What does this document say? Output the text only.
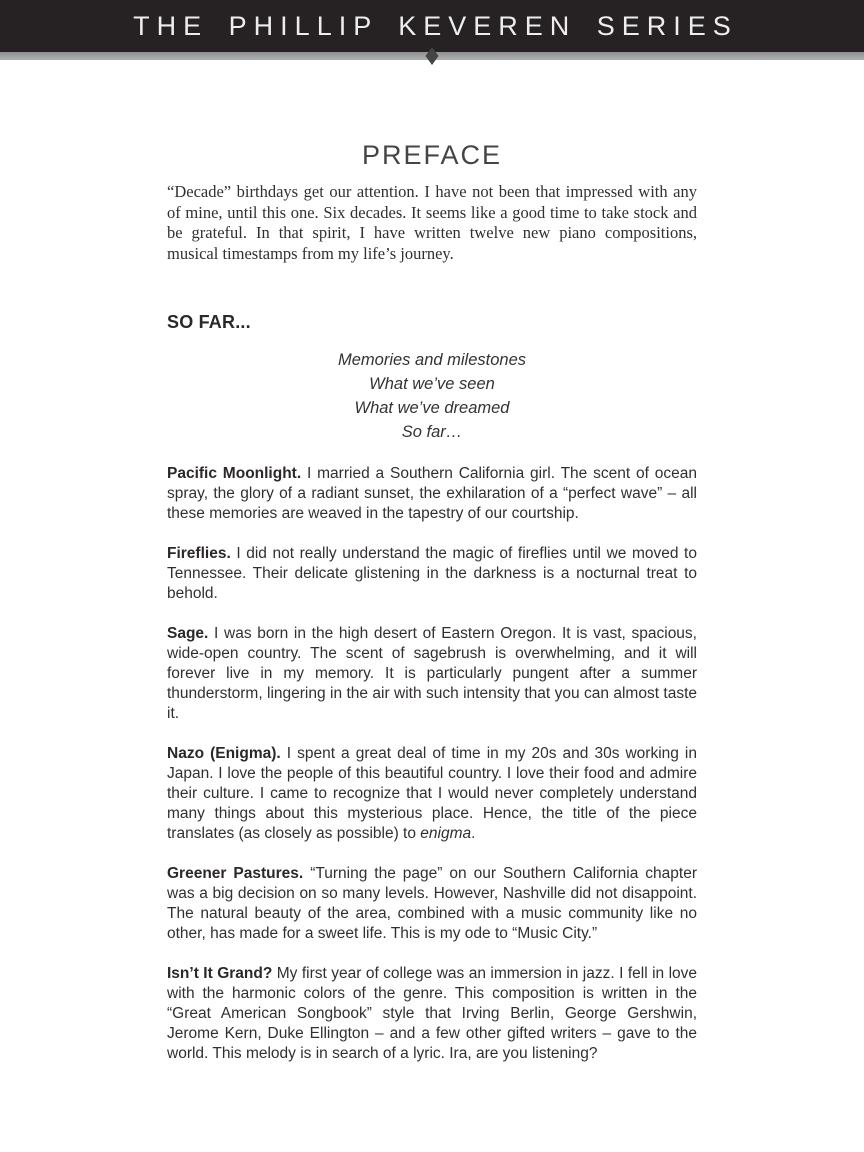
THE PHILLIP KEVEREN SERIES
PREFACE

“Decade” birthdays get our attention. I have not been that impressed with any of mine, until this one. Six decades. It seems like a good time to take stock and be grateful. In that spirit, I have written twelve new piano compositions, musical timestamps from my life’s journey.

SO FAR...
Memories and milestones
What we’ve seen
What we’ve dreamed
So far…

Pacific Moonlight. I married a Southern California girl. The scent of ocean spray, the glory of a radiant sunset, the exhilaration of a “perfect wave” – all these memories are weaved in the tapestry of our courtship.

Fireflies. I did not really understand the magic of fireflies until we moved to Tennessee. Their delicate glistening in the darkness is a nocturnal treat to behold.

Sage. I was born in the high desert of Eastern Oregon. It is vast, spacious, wide-open country. The scent of sagebrush is overwhelming, and it will forever live in my memory. It is particularly pungent after a summer thunderstorm, lingering in the air with such intensity that you can almost taste it.

Nazo (Enigma). I spent a great deal of time in my 20s and 30s working in Japan. I love the people of this beautiful country. I love their food and admire their culture. I came to recognize that I would never completely understand many things about this mysterious place. Hence, the title of the piece translates (as closely as possible) to enigma.

Greener Pastures. “Turning the page” on our Southern California chapter was a big decision on so many levels. However, Nashville did not disappoint. The natural beauty of the area, combined with a music community like no other, has made for a sweet life. This is my ode to “Music City.”

Isn’t It Grand? My first year of college was an immersion in jazz. I fell in love with the harmonic colors of the genre. This composition is written in the “Great American Songbook” style that Irving Berlin, George Gershwin, Jerome Kern, Duke Ellington – and a few other gifted writers – gave to the world. This melody is in search of a lyric. Ira, are you listening?
